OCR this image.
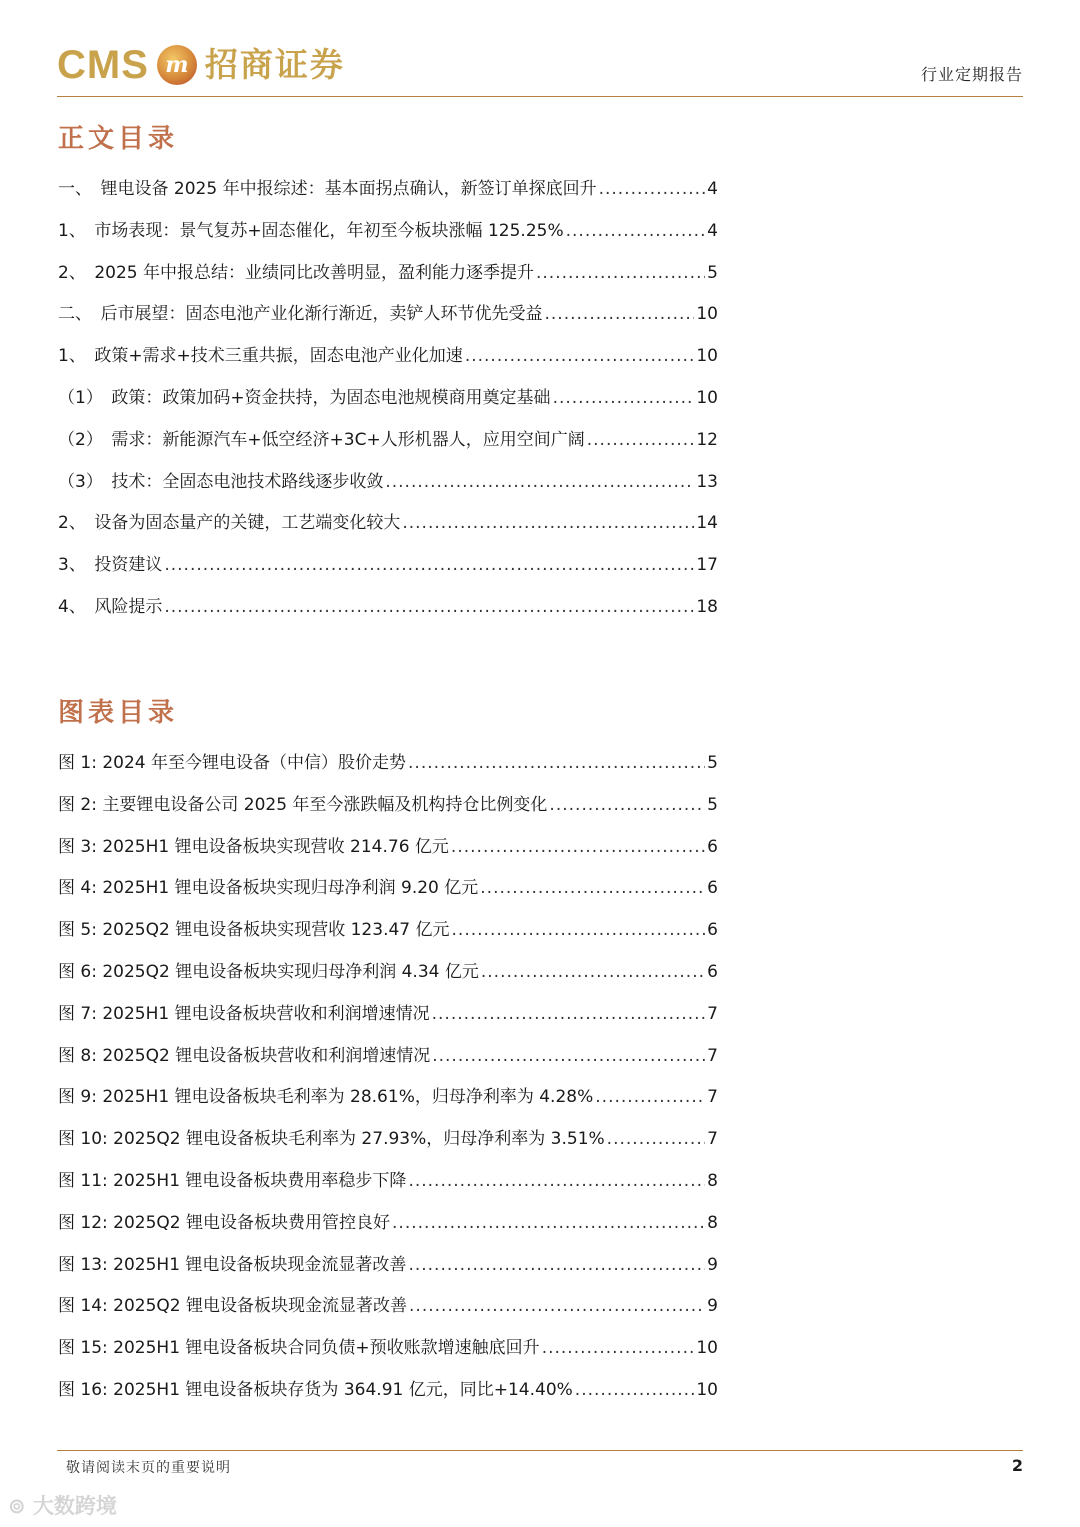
CMS m 招商证券	行业定期报告
正文目录
一、　锂电设备 2025 年中报综述：基本面拐点确认，新签订单探底回升 .....	4
1、　市场表现：景气复苏+固态催化，年初至今板块涨幅 125.25% .....	4
2、　2025 年中报总结：业绩同比改善明显，盈利能力逐季提升 .....	5
二、　后市展望：固态电池产业化渐行渐近，卖铲人环节优先受益 .....	10
1、　政策+需求+技术三重共振，固态电池产业化加速 .....	10
（1）　政策：政策加码+资金扶持，为固态电池规模商用奠定基础 .....	10
（2）　需求：新能源汽车+低空经济+3C+人形机器人，应用空间广阔 .....	12
（3）　技术：全固态电池技术路线逐步收敛 .....	13
2、　设备为固态量产的关键，工艺端变化较大 .....	14
3、　投资建议 .....	17
4、　风险提示 .....	18
图表目录
图 1: 2024 年至今锂电设备（中信）股价走势 .....	5
图 2: 主要锂电设备公司 2025 年至今涨跌幅及机构持仓比例变化 .....	5
图 3: 2025H1 锂电设备板块实现营收 214.76 亿元 .....	6
图 4: 2025H1 锂电设备板块实现归母净利润 9.20 亿元 .....	6
图 5: 2025Q2 锂电设备板块实现营收 123.47 亿元 .....	6
图 6: 2025Q2 锂电设备板块实现归母净利润 4.34 亿元 .....	6
图 7: 2025H1 锂电设备板块营收和利润增速情况 .....	7
图 8: 2025Q2 锂电设备板块营收和利润增速情况 .....	7
图 9: 2025H1 锂电设备板块毛利率为 28.61%，归母净利率为 4.28% .....	7
图 10: 2025Q2 锂电设备板块毛利率为 27.93%，归母净利率为 3.51% .....	7
图 11: 2025H1 锂电设备板块费用率稳步下降 .....	8
图 12: 2025Q2 锂电设备板块费用管控良好 .....	8
图 13: 2025H1 锂电设备板块现金流显著改善 .....	9
图 14: 2025Q2 锂电设备板块现金流显著改善 .....	9
图 15: 2025H1 锂电设备板块合同负债+预收账款增速触底回升 .....	10
图 16: 2025H1 锂电设备板块存货为 364.91 亿元，同比+14.40% .....	10
敬请阅读末页的重要说明	2
⊚ 大数跨境
